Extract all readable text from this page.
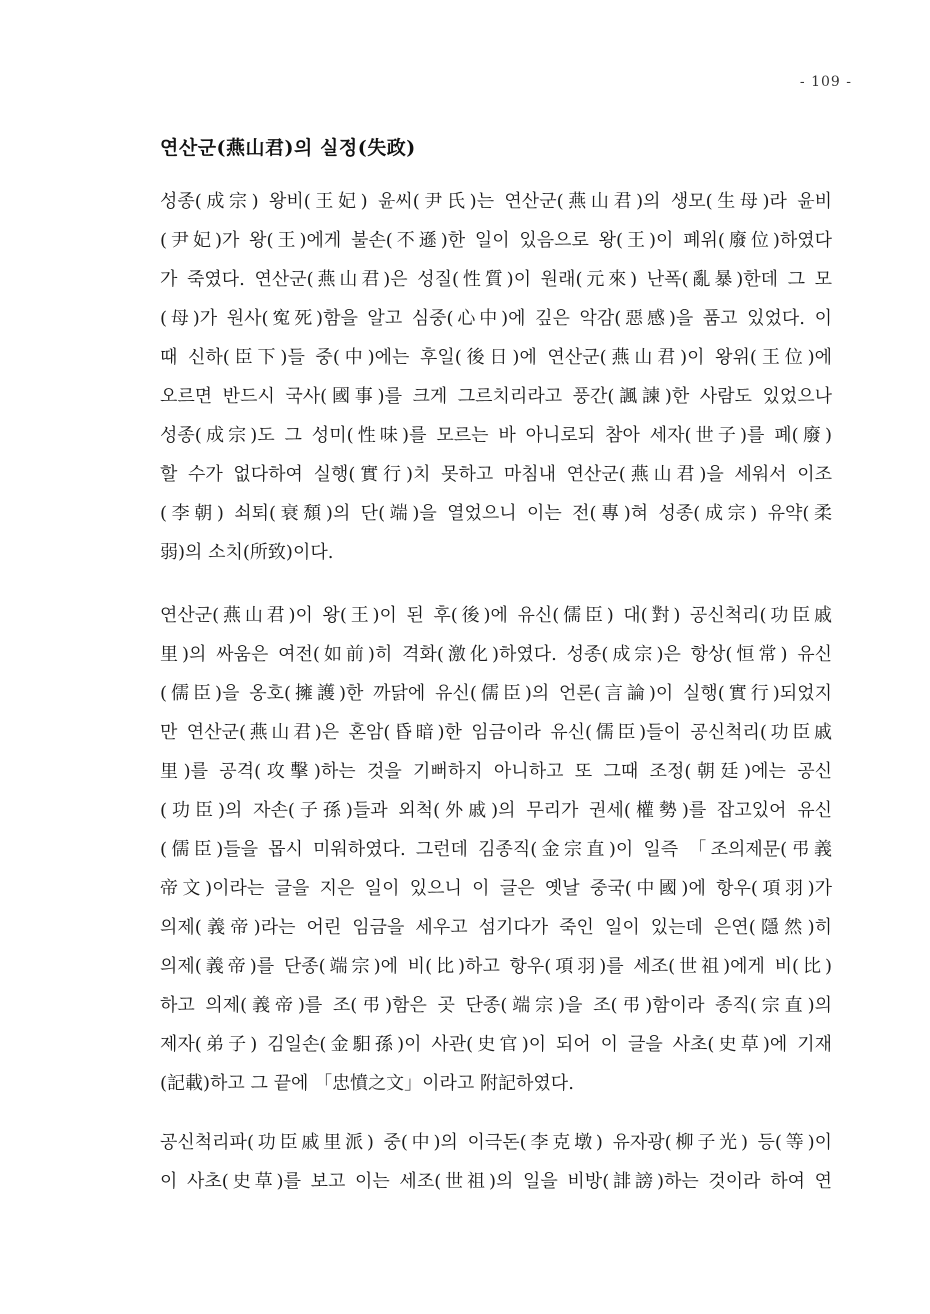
- 109 -
연산군(燕山君)의 실정(失政)
성종(成宗) 왕비(王妃) 윤씨(尹氏)는 연산군(燕山君)의 생모(生母)라 윤비
(尹妃)가 왕(王)에게 불손(不遜)한 일이 있음으로 왕(王)이 폐위(廢位)하였다
가 죽였다. 연산군(燕山君)은 성질(性質)이 원래(元來) 난폭(亂暴)한데 그 모
(母)가 원사(寃死)함을 알고 심중(心中)에 깊은 악감(惡感)을 품고 있었다. 이
때 신하(臣下)들 중(中)에는 후일(後日)에 연산군(燕山君)이 왕위(王位)에
오르면 반드시 국사(國事)를 크게 그르치리라고 풍간(諷諫)한 사람도 있었으나
성종(成宗)도 그 성미(性味)를 모르는 바 아니로되 참아 세자(世子)를 폐(廢)
할 수가 없다하여 실행(實行)치 못하고 마침내 연산군(燕山君)을 세워서 이조
(李朝) 쇠퇴(衰頹)의 단(端)을 열었으니 이는 전(專)혀 성종(成宗) 유약(柔
弱)의 소치(所致)이다.
연산군(燕山君)이 왕(王)이 된 후(後)에 유신(儒臣) 대(對) 공신척리(功臣戚
里)의 싸움은 여전(如前)히 격화(激化)하였다. 성종(成宗)은 항상(恒常) 유신
(儒臣)을 옹호(擁護)한 까닭에 유신(儒臣)의 언론(言論)이 실행(實行)되었지
만 연산군(燕山君)은 혼암(昏暗)한 임금이라 유신(儒臣)들이 공신척리(功臣戚
里)를 공격(攻擊)하는 것을 기뻐하지 아니하고 또 그때 조정(朝廷)에는 공신
(功臣)의 자손(子孫)들과 외척(外戚)의 무리가 권세(權勢)를 잡고있어 유신
(儒臣)들을 몹시 미워하였다. 그런데 김종직(金宗直)이 일즉 「조의제문(弔義
帝文)이라는 글을 지은 일이 있으니 이 글은 옛날 중국(中國)에 항우(項羽)가
의제(義帝)라는 어린 임금을 세우고 섬기다가 죽인 일이 있는데 은연(隱然)히
의제(義帝)를 단종(端宗)에 비(比)하고 항우(項羽)를 세조(世祖)에게 비(比)
하고 의제(義帝)를 조(弔)함은 곳 단종(端宗)을 조(弔)함이라 종직(宗直)의
제자(弟子) 김일손(金馹孫)이 사관(史官)이 되어 이 글을 사초(史草)에 기재
(記載)하고 그 끝에 「忠憤之文」이라고 附記하였다.
공신척리파(功臣戚里派) 중(中)의 이극돈(李克墩) 유자광(柳子光) 등(等)이
이 사초(史草)를 보고 이는 세조(世祖)의 일을 비방(誹謗)하는 것이라 하여 연
